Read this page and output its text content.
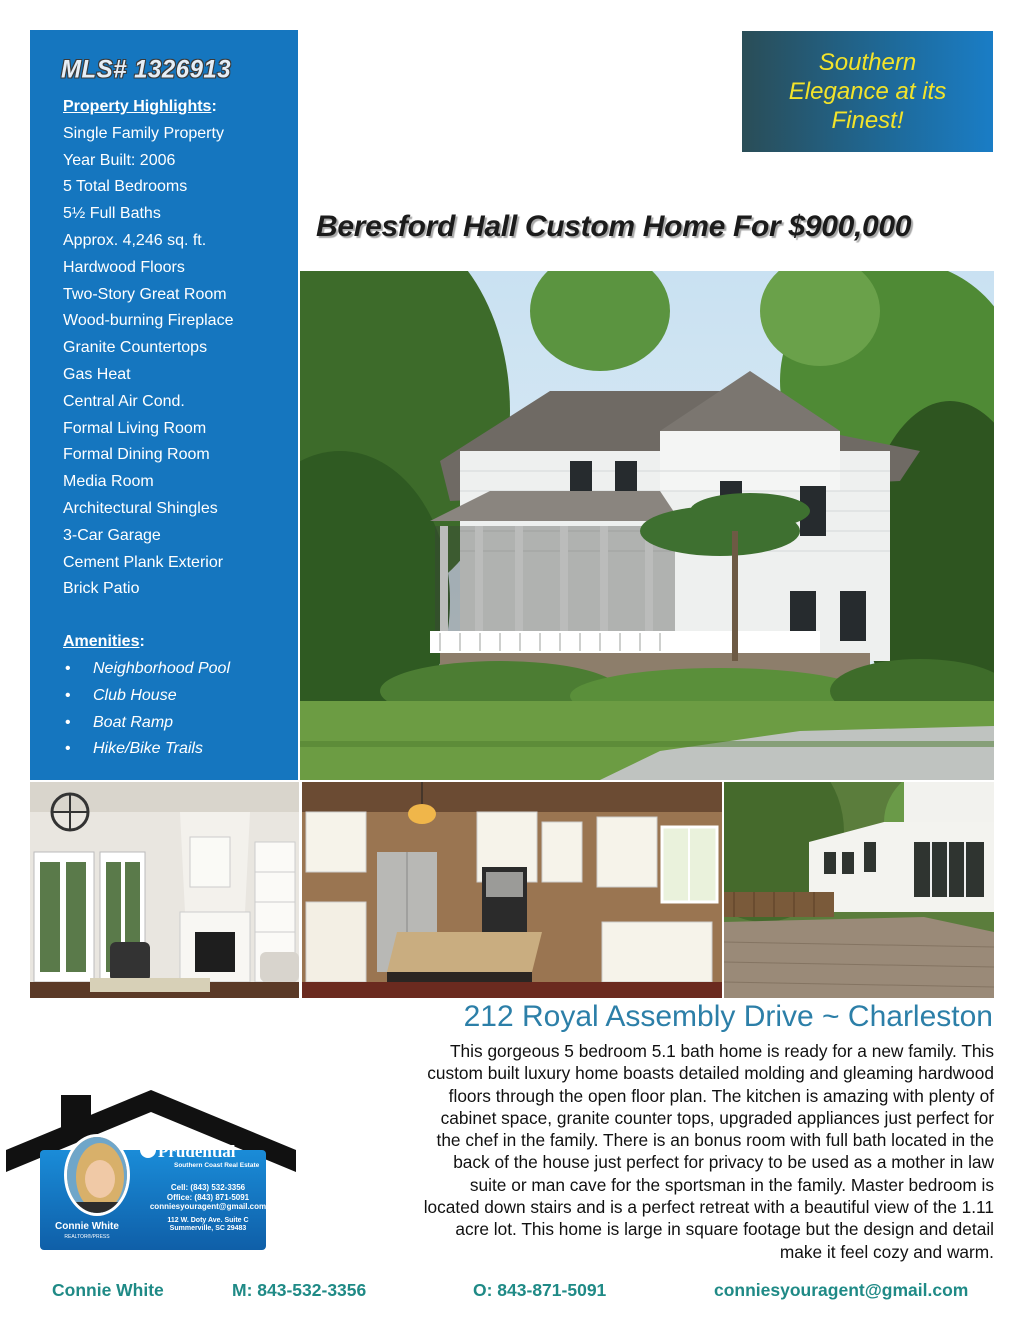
MLS# 1326913
Property Highlights:
Single Family Property
Year Built: 2006
5 Total Bedrooms
5½ Full Baths
Approx. 4,246 sq. ft.
Hardwood Floors
Two-Story Great Room
Wood-burning Fireplace
Granite Countertops
Gas Heat
Central Air Cond.
Formal Living Room
Formal Dining Room
Media Room
Architectural Shingles
3-Car Garage
Cement Plank Exterior
Brick Patio
Amenities:
• Neighborhood Pool
• Club House
• Boat Ramp
• Hike/Bike Trails
Southern
Elegance at its
Finest!
Beresford Hall Custom Home For $900,000
212 Royal Assembly Drive ~ Charleston
This gorgeous 5 bedroom 5.1 bath home is ready for a new family. This
custom built luxury home boasts detailed molding and gleaming hardwood
floors through the open floor plan. The kitchen is amazing with plenty of
cabinet space, granite counter tops, upgraded appliances just perfect for
the chef in the family. There is an bonus room with full bath located in the
back of the house just perfect for privacy to be used as a mother in law
suite or man cave for the sportsman in the family. Master bedroom is
located down stairs and is a perfect retreat with a beautiful view of the 1.11
acre lot. This home is large in square footage but the design and detail
make it feel cozy and warm.
Prudential
Southern Coast Real Estate
Cell: (843) 532-3356
Office: (843) 871-5091
conniesyouragent@gmail.com
112 W. Doty Ave. Suite C
Summerville, SC 29483
Connie White
REALTOR®/PRESS
Connie White	M: 843-532-3356	O: 843-871-5091	conniesyouragent@gmail.com
